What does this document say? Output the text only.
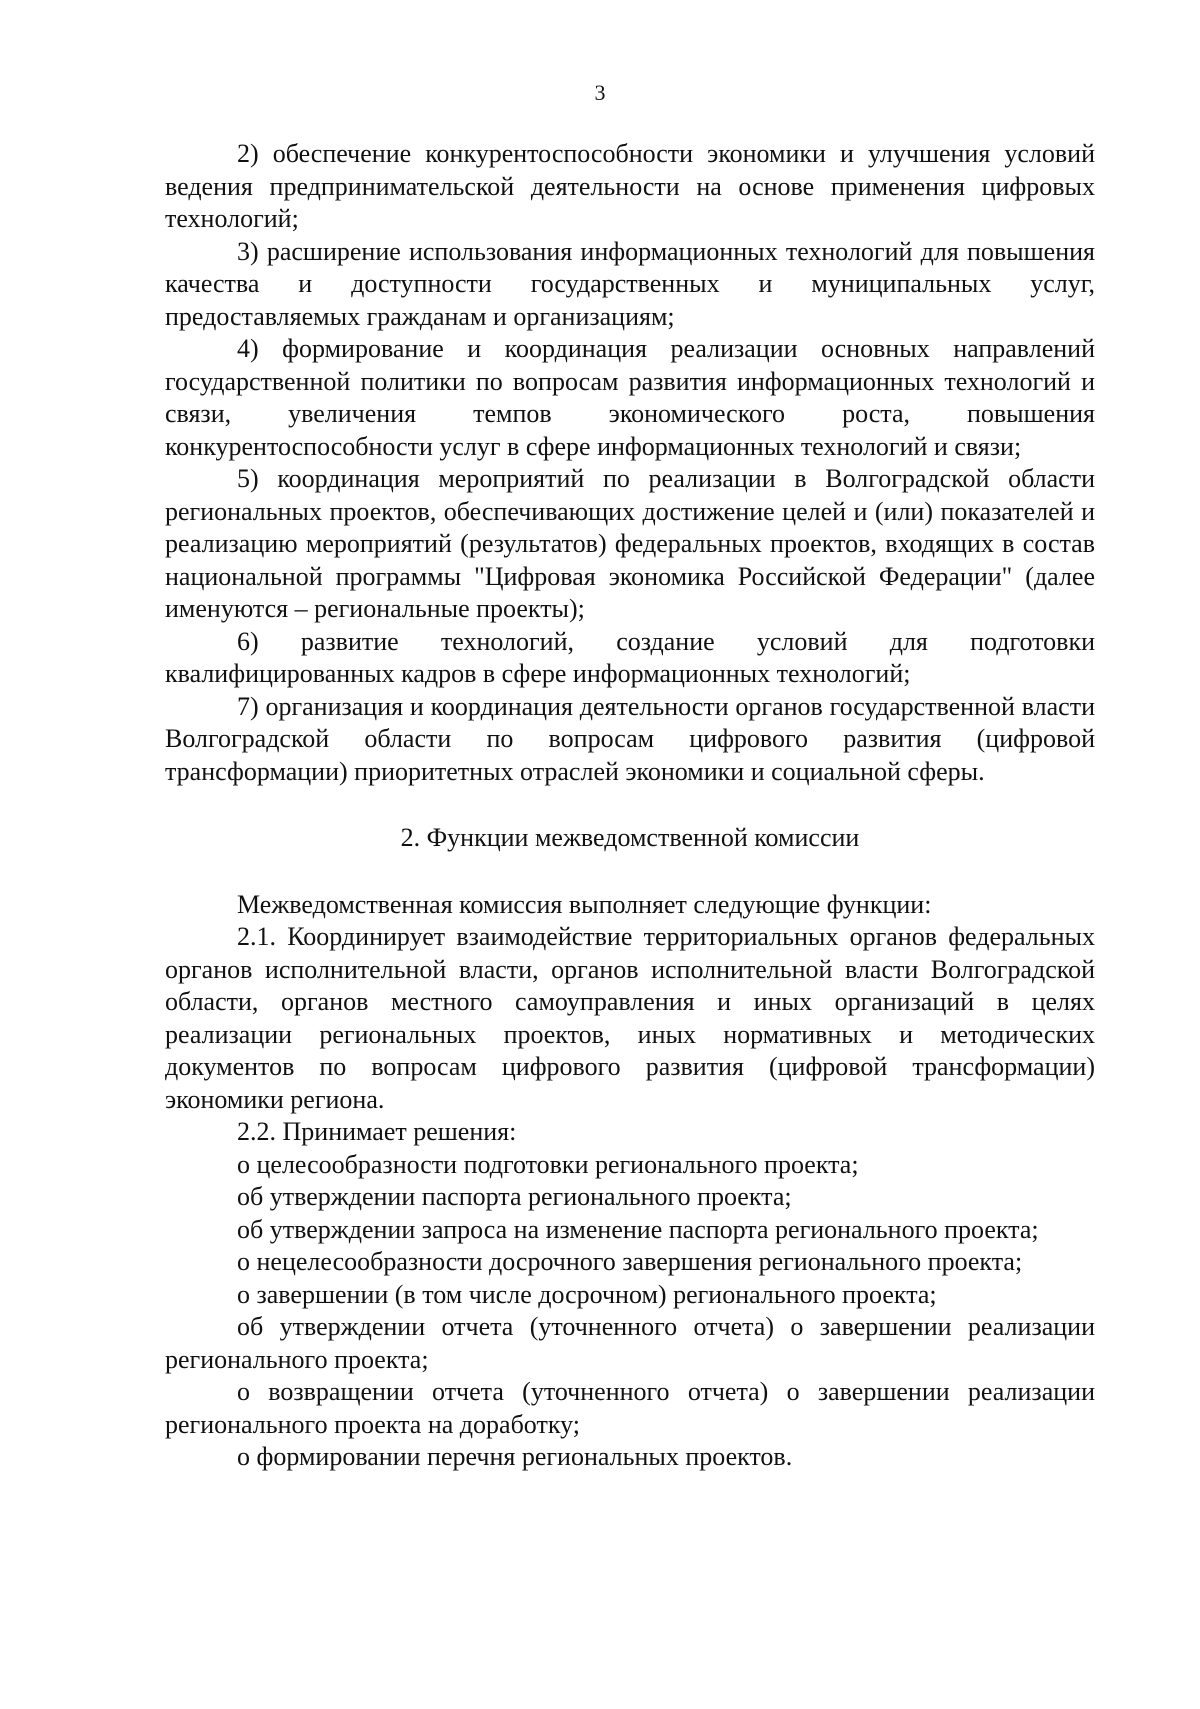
3

2) обеспечение конкурентоспособности экономики и улучшения условий ведения предпринимательской деятельности на основе применения цифровых технологий;

3) расширение использования информационных технологий для повышения качества и доступности государственных и муниципальных услуг, предоставляемых гражданам и организациям;

4) формирование и координация реализации основных направлений государственной политики по вопросам развития информационных технологий и связи, увеличения темпов экономического роста, повышения конкурентоспособности услуг в сфере информационных технологий и связи;

5) координация мероприятий по реализации в Волгоградской области региональных проектов, обеспечивающих достижение целей и (или) показателей и реализацию мероприятий (результатов) федеральных проектов, входящих в состав национальной программы "Цифровая экономика Российской Федерации" (далее именуются – региональные проекты);

6) развитие технологий, создание условий для подготовки квалифицированных кадров в сфере информационных технологий;

7) организация и координация деятельности органов государственной власти Волгоградской области по вопросам цифрового развития (цифровой трансформации) приоритетных отраслей экономики и социальной сферы.

2. Функции межведомственной комиссии

Межведомственная комиссия выполняет следующие функции:

2.1. Координирует взаимодействие территориальных органов федеральных органов исполнительной власти, органов исполнительной власти Волгоградской области, органов местного самоуправления и иных организаций в целях реализации региональных проектов, иных нормативных и методических документов по вопросам цифрового развития (цифровой трансформации) экономики региона.

2.2. Принимает решения:

о целесообразности подготовки регионального проекта;

об утверждении паспорта регионального проекта;

об утверждении запроса на изменение паспорта регионального проекта;

о нецелесообразности досрочного завершения регионального проекта;

о завершении (в том числе досрочном) регионального проекта;

об утверждении отчета (уточненного отчета) о завершении реализации регионального проекта;

о возвращении отчета (уточненного отчета) о завершении реализации регионального проекта на доработку;

о формировании перечня региональных проектов.
